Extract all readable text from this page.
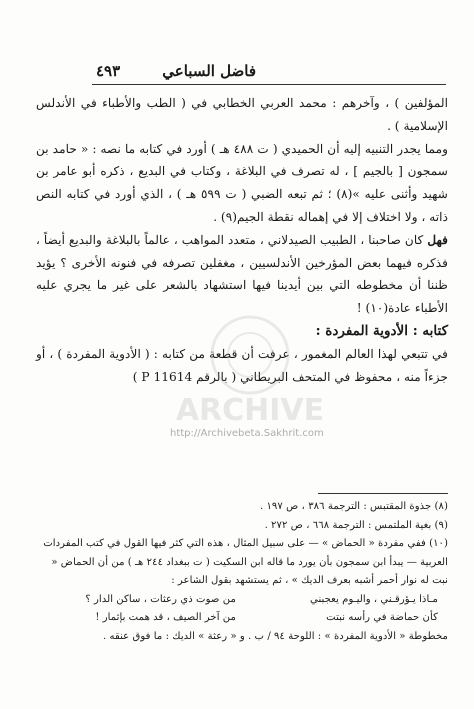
فاضل السباعي
٤٩٣

المؤلفين ) ، وآخرهم : محمد العربي الخطابي في ( الطب والأطباء في الأندلس الإسلامية ) .

ومما يجدر التنبيه إليه أن الحميدي ( ت ٤٨٨ هـ ) أورد في كتابه ما نصه : « حامد بن سمجون [ بالجيم ] ، له تصرف في البلاغة ، وكتاب في البديع ، ذكره أبو عامر بن شهيد وأثنى عليه »(٨) ؛ ثم تبعه الضبي ( ت ٥٩٩ هـ ) ، الذي أورد في كتابه النص ذاته ، ولا اختلاف إلا في إهماله نقطة الجيم(٩) .

فهل كان صاحبنا ، الطبيب الصيدلاني ، متعدد المواهب ، عالماً بالبلاغة والبديع أيضاً ، فذكره فيهما بعض المؤرخين الأندلسيين ، مغفلين تصرفه في فنونه الأخرى ؟ يؤيد ظننا أن مخطوطه التي بين أيدينا فيها استشهاد بالشعر على غير ما يجري عليه الأطباء عادة(١٠) !

كتابه : الأدوية المفردة :

في تتبعي لهذا العالم المغمور ، عرفت أن قطعة من كتابه : ( الأدوية المفردة ) ، أو جزءاً منه ، محفوظ في المتحف البريطاني ( بالرقم 11614 P )

ARCHIVE
http://Archivebeta.Sakhrit.com

(٨) جذوة المقتبس : الترجمة ٣٨٦ ، ص ١٩٧ .

(٩) بغية الملتمس : الترجمة ٦٦٨ ، ص ٢٧٢ .

(١٠) ففي مفردة « الحماض » — على سبيل المثال ، هذه التي كثر فيها القول في كتب المفردات العربية — يبدأ ابن سمجون بأن يورد ما قاله ابن السكيت ( ت ببغداد ٢٤٤ هـ ) من أن الحماض « نبت له نوار أحمر أشبه بعرف الديك » ، ثم يستشهد بقول الشاعر :

مـاذا يـؤرقـني ، واليـوم يعجبني
من صوت ذي رعثات ، ساكن الدار ؟
كأن حماضة في رأسه نبتت
من آخر الصيف ، قد همت بإثمار !

مخطوطة « الأدوية المفردة » : اللوحة ٩٤ / ب . و « رعثة » الديك : ما فوق عنقه .
